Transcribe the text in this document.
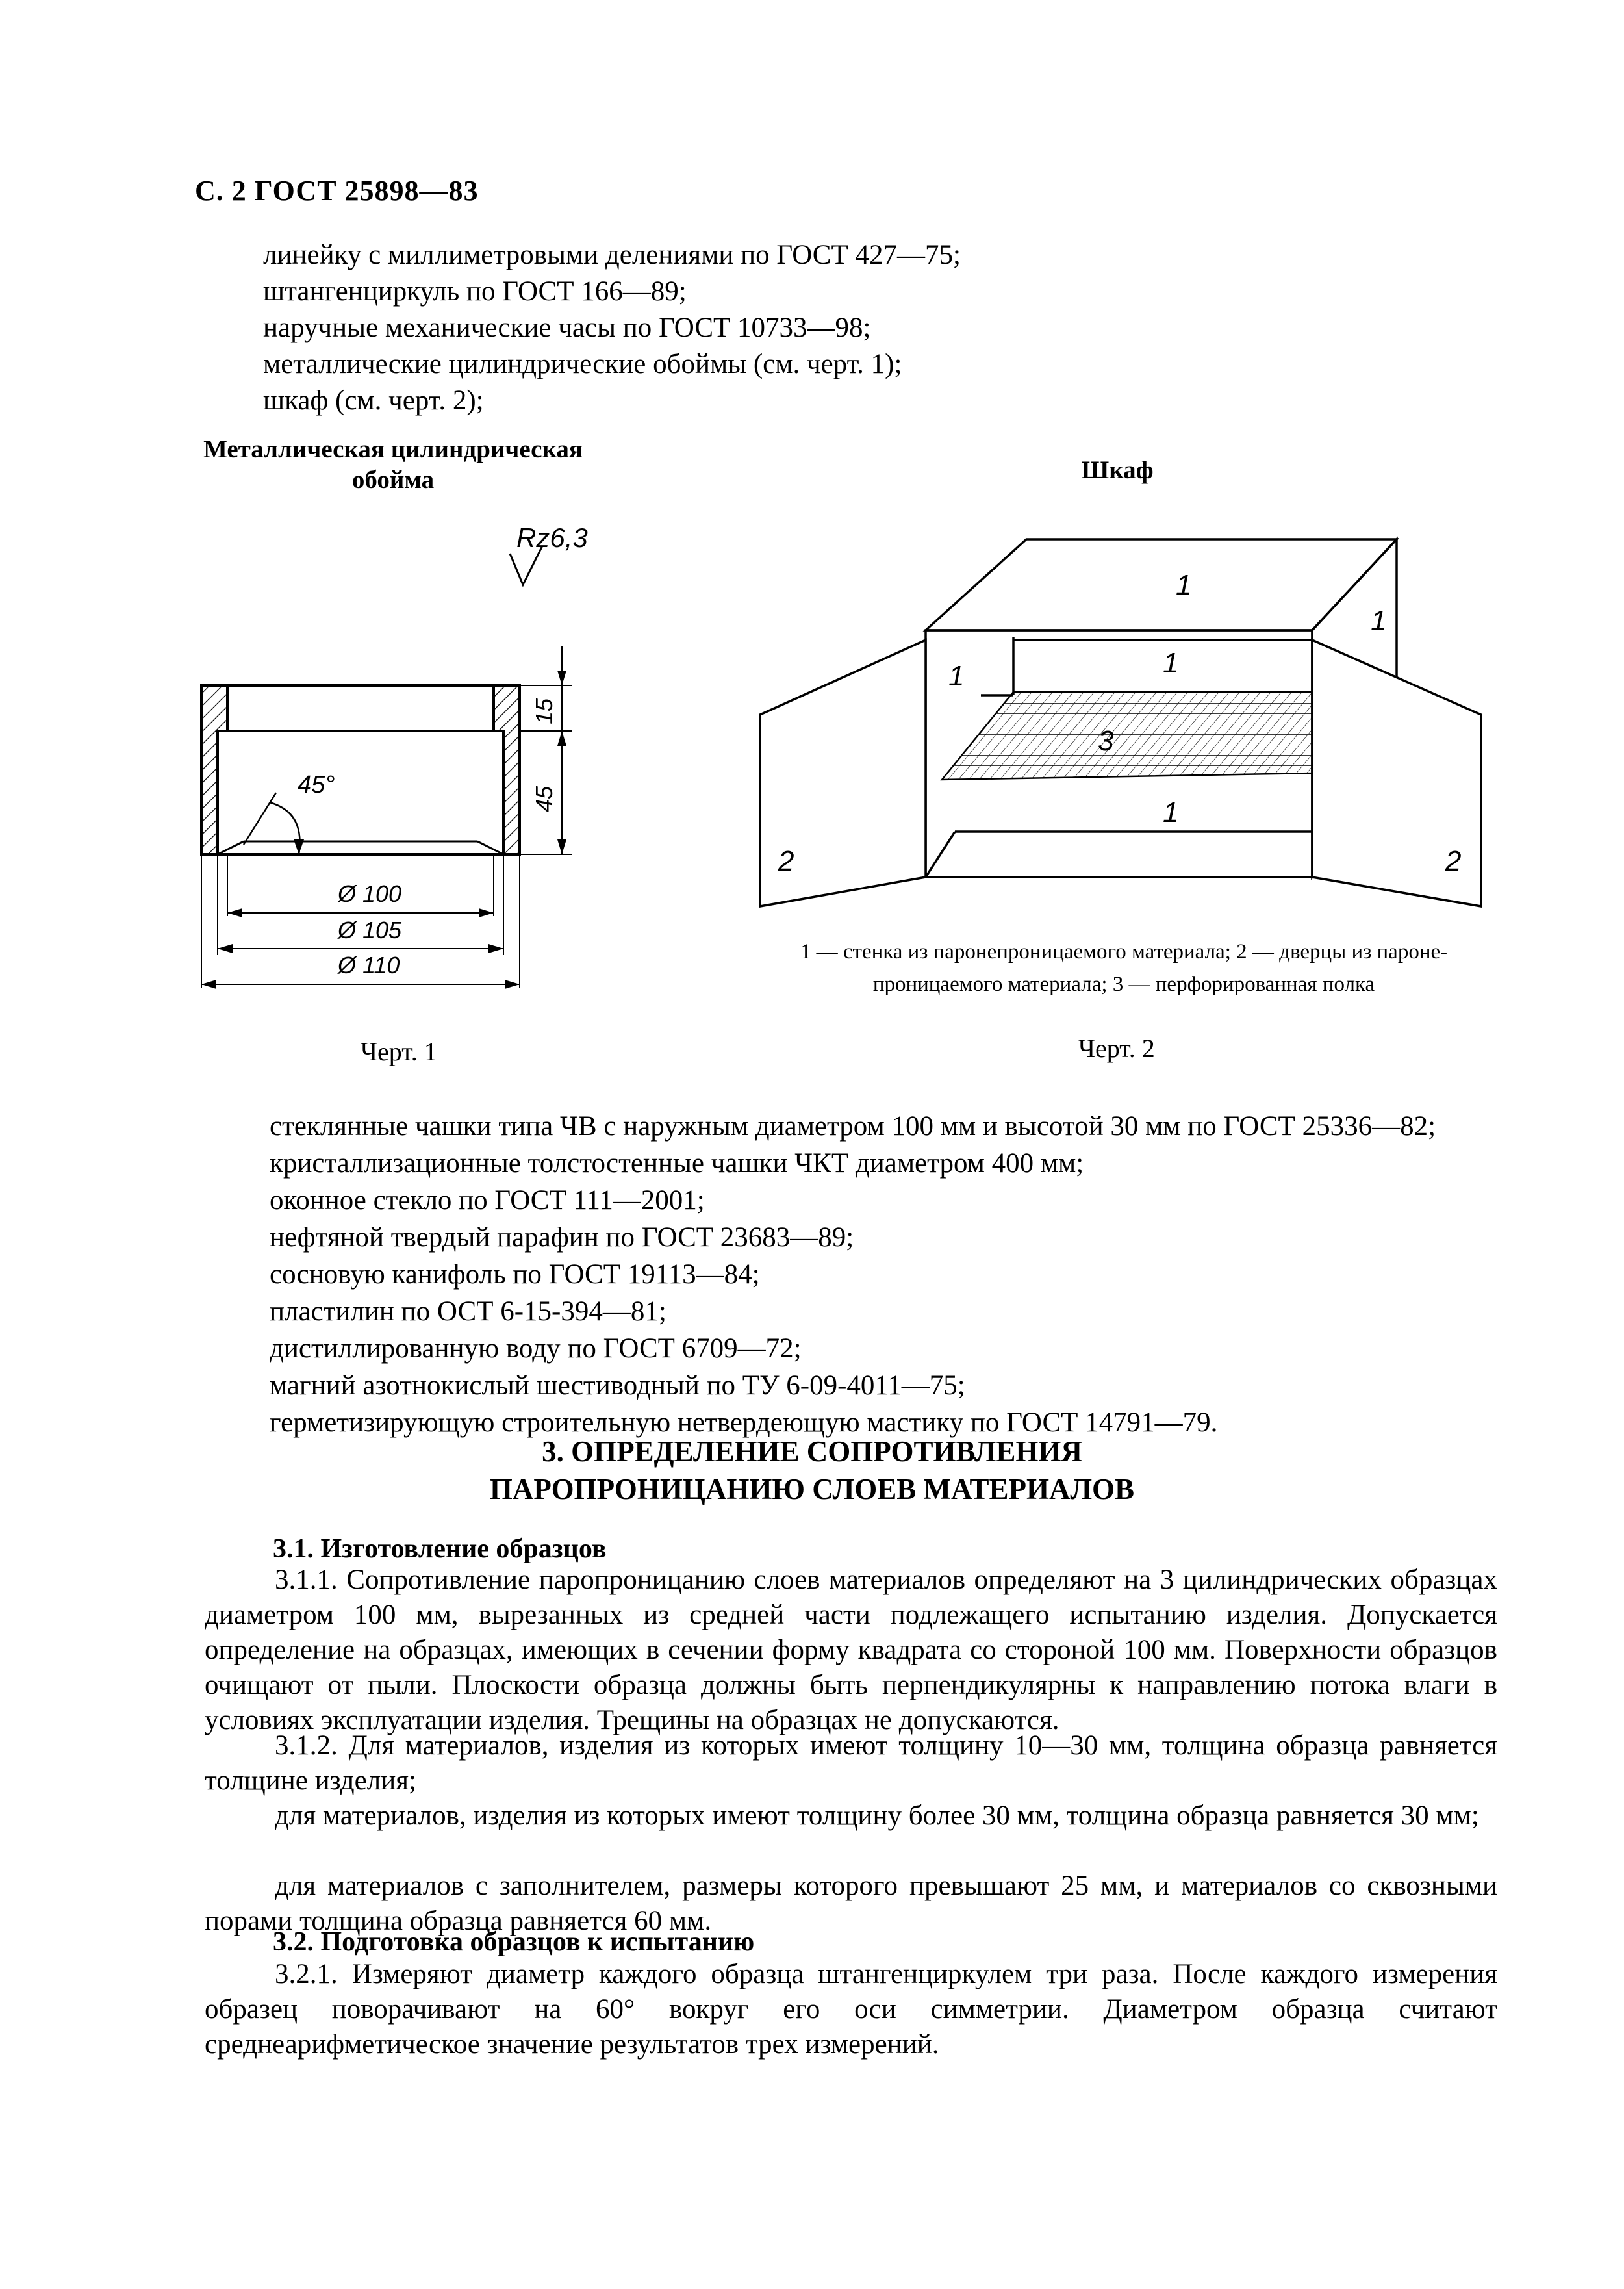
С. 2 ГОСТ 25898—83
линейку с миллиметровыми делениями по ГОСТ 427—75;
штангенциркуль по ГОСТ 166—89;
наручные механические часы по ГОСТ 10733—98;
металлические цилиндрические обоймы (см. черт. 1);
шкаф (см. черт. 2);
Металлическая цилиндрическая
обойма
Rz6,3
45°
15
45
Ø 100
Ø 105
Ø 110
Черт. 1
Шкаф
1
1
1	1
1
3
2	2
1 — стенка из паронепроницаемого материала; 2 — дверцы из пароне-
проницаемого материала; 3 — перфорированная полка
Черт. 2
стеклянные чашки типа ЧВ с наружным диаметром 100 мм и высотой 30 мм по ГОСТ 25336—82;
кристаллизационные толстостенные чашки ЧКТ диаметром 400 мм;
оконное стекло по ГОСТ 111—2001;
нефтяной твердый парафин по ГОСТ 23683—89;
сосновую канифоль по ГОСТ 19113—84;
пластилин по ОСТ 6-15-394—81;
дистиллированную воду по ГОСТ 6709—72;
магний азотнокислый шестиводный по ТУ 6-09-4011—75;
герметизирующую строительную нетвердеющую мастику по ГОСТ 14791—79.
3. ОПРЕДЕЛЕНИЕ СОПРОТИВЛЕНИЯ
ПАРОПРОНИЦАНИЮ СЛОЕВ МАТЕРИАЛОВ
3.1. Изготовление образцов
3.1.1. Сопротивление паропроницанию слоев материалов определяют на 3 цилиндрических образцах диаметром 100 мм, вырезанных из средней части подлежащего испытанию изделия. Допускается определение на образцах, имеющих в сечении форму квадрата со стороной 100 мм. Поверхности образцов очищают от пыли. Плоскости образца должны быть перпендикулярны к направлению потока влаги в условиях эксплуатации изделия. Трещины на образцах не допускаются.
3.1.2. Для материалов, изделия из которых имеют толщину 10—30 мм, толщина образца равняется толщине изделия;
для материалов, изделия из которых имеют толщину более 30 мм, толщина образца равняется 30 мм;
для материалов с заполнителем, размеры которого превышают 25 мм, и материалов со сквозными порами толщина образца равняется 60 мм.
3.2. Подготовка образцов к испытанию
3.2.1. Измеряют диаметр каждого образца штангенциркулем три раза. После каждого измерения образец поворачивают на 60° вокруг его оси симметрии. Диаметром образца считают среднеарифметическое значение результатов трех измерений.
